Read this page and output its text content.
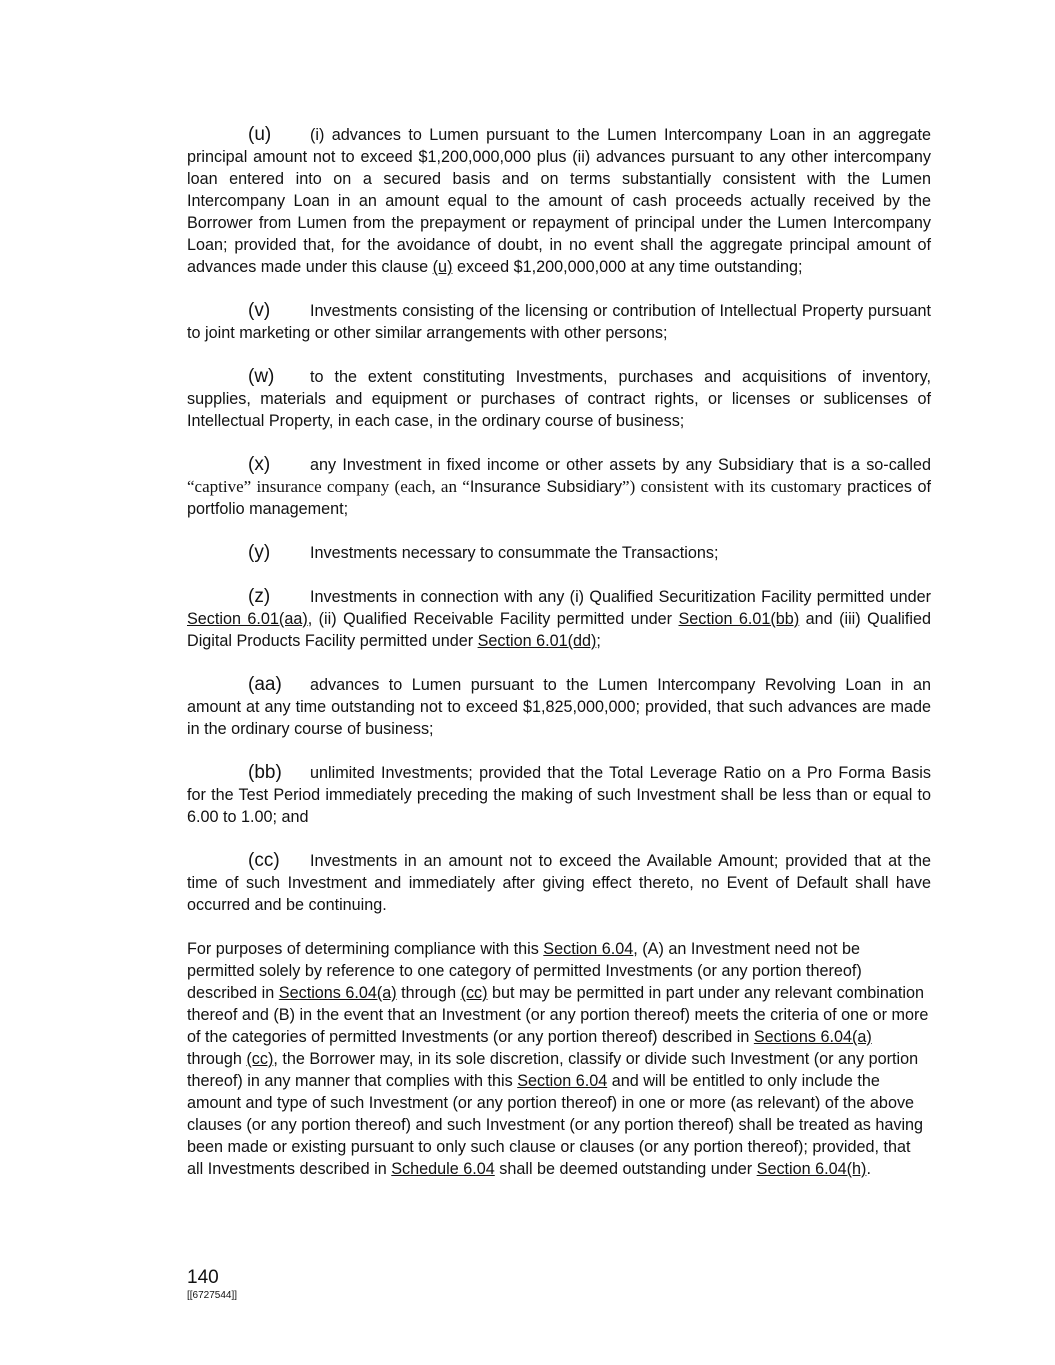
(u) (i) advances to Lumen pursuant to the Lumen Intercompany Loan in an aggregate principal amount not to exceed $1,200,000,000 plus (ii) advances pursuant to any other intercompany loan entered into on a secured basis and on terms substantially consistent with the Lumen Intercompany Loan in an amount equal to the amount of cash proceeds actually received by the Borrower from Lumen from the prepayment or repayment of principal under the Lumen Intercompany Loan; provided that, for the avoidance of doubt, in no event shall the aggregate principal amount of advances made under this clause (u) exceed $1,200,000,000 at any time outstanding;

(v) Investments consisting of the licensing or contribution of Intellectual Property pursuant to joint marketing or other similar arrangements with other persons;

(w) to the extent constituting Investments, purchases and acquisitions of inventory, supplies, materials and equipment or purchases of contract rights, or licenses or sublicenses of Intellectual Property, in each case, in the ordinary course of business;

(x) any Investment in fixed income or other assets by any Subsidiary that is a so-called “captive” insurance company (each, an “Insurance Subsidiary”) consistent with its customary practices of portfolio management;

(y) Investments necessary to consummate the Transactions;

(z) Investments in connection with any (i) Qualified Securitization Facility permitted under Section 6.01(aa), (ii) Qualified Receivable Facility permitted under Section 6.01(bb) and (iii) Qualified Digital Products Facility permitted under Section 6.01(dd);

(aa) advances to Lumen pursuant to the Lumen Intercompany Revolving Loan in an amount at any time outstanding not to exceed $1,825,000,000; provided, that such advances are made in the ordinary course of business;

(bb) unlimited Investments; provided that the Total Leverage Ratio on a Pro Forma Basis for the Test Period immediately preceding the making of such Investment shall be less than or equal to 6.00 to 1.00; and

(cc) Investments in an amount not to exceed the Available Amount; provided that at the time of such Investment and immediately after giving effect thereto, no Event of Default shall have occurred and be continuing.

For purposes of determining compliance with this Section 6.04, (A) an Investment need not be permitted solely by reference to one category of permitted Investments (or any portion thereof) described in Sections 6.04(a) through (cc) but may be permitted in part under any relevant combination thereof and (B) in the event that an Investment (or any portion thereof) meets the criteria of one or more of the categories of permitted Investments (or any portion thereof) described in Sections 6.04(a) through (cc), the Borrower may, in its sole discretion, classify or divide such Investment (or any portion thereof) in any manner that complies with this Section 6.04 and will be entitled to only include the amount and type of such Investment (or any portion thereof) in one or more (as relevant) of the above clauses (or any portion thereof) and such Investment (or any portion thereof) shall be treated as having been made or existing pursuant to only such clause or clauses (or any portion thereof); provided, that all Investments described in Schedule 6.04 shall be deemed outstanding under Section 6.04(h).

140
[[6727544]]
